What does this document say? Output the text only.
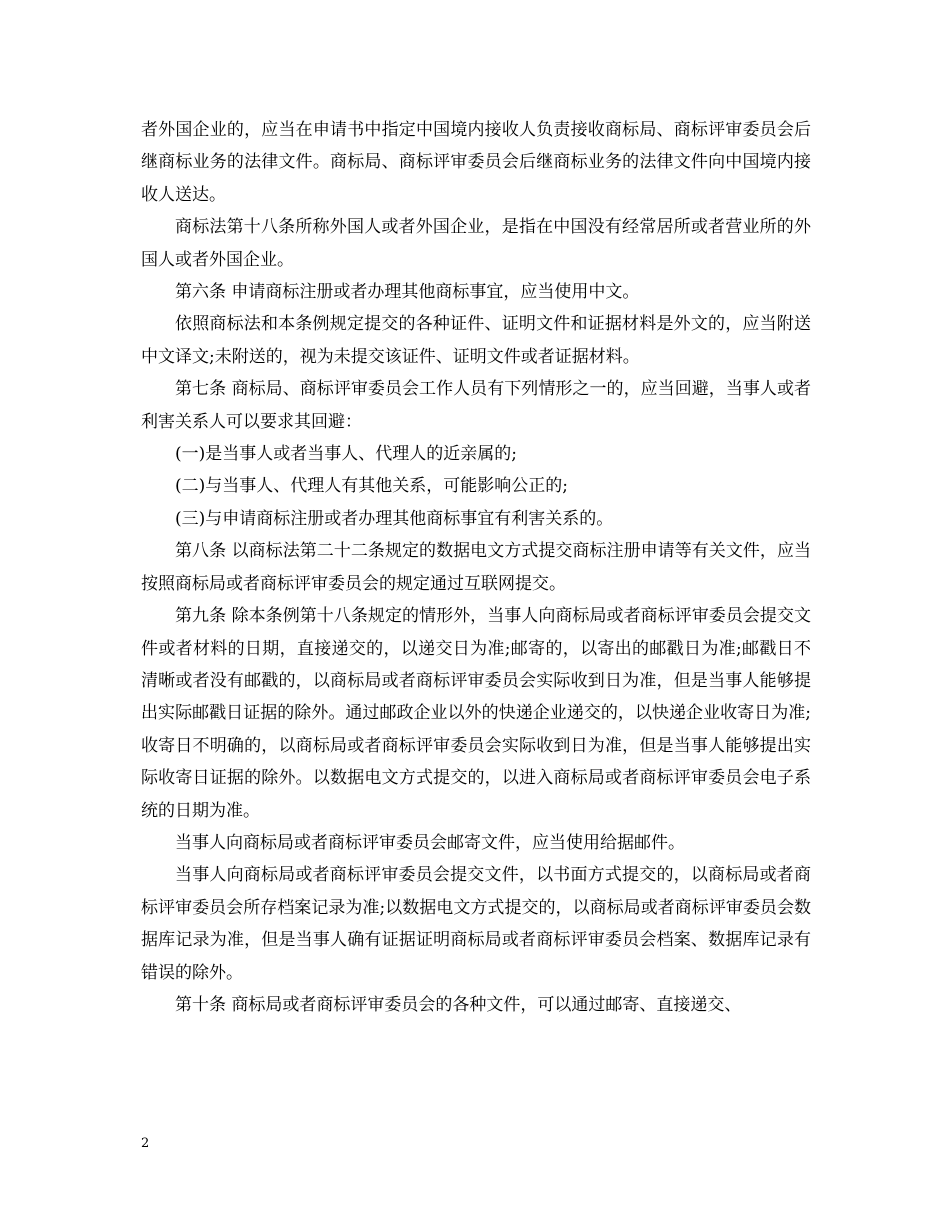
者外国企业的，应当在申请书中指定中国境内接收人负责接收商标局、商标评审委员会后继商标业务的法律文件。商标局、商标评审委员会后继商标业务的法律文件向中国境内接收人送达。

商标法第十八条所称外国人或者外国企业，是指在中国没有经常居所或者营业所的外国人或者外国企业。

第六条 申请商标注册或者办理其他商标事宜，应当使用中文。

依照商标法和本条例规定提交的各种证件、证明文件和证据材料是外文的，应当附送中文译文;未附送的，视为未提交该证件、证明文件或者证据材料。

第七条 商标局、商标评审委员会工作人员有下列情形之一的，应当回避，当事人或者利害关系人可以要求其回避：

(一)是当事人或者当事人、代理人的近亲属的;

(二)与当事人、代理人有其他关系，可能影响公正的;

(三)与申请商标注册或者办理其他商标事宜有利害关系的。

第八条 以商标法第二十二条规定的数据电文方式提交商标注册申请等有关文件，应当按照商标局或者商标评审委员会的规定通过互联网提交。

第九条 除本条例第十八条规定的情形外，当事人向商标局或者商标评审委员会提交文件或者材料的日期，直接递交的，以递交日为准;邮寄的，以寄出的邮戳日为准;邮戳日不清晰或者没有邮戳的，以商标局或者商标评审委员会实际收到日为准，但是当事人能够提出实际邮戳日证据的除外。通过邮政企业以外的快递企业递交的，以快递企业收寄日为准;收寄日不明确的，以商标局或者商标评审委员会实际收到日为准，但是当事人能够提出实际收寄日证据的除外。以数据电文方式提交的，以进入商标局或者商标评审委员会电子系统的日期为准。

当事人向商标局或者商标评审委员会邮寄文件，应当使用给据邮件。

当事人向商标局或者商标评审委员会提交文件，以书面方式提交的，以商标局或者商标评审委员会所存档案记录为准;以数据电文方式提交的，以商标局或者商标评审委员会数据库记录为准，但是当事人确有证据证明商标局或者商标评审委员会档案、数据库记录有错误的除外。

第十条 商标局或者商标评审委员会的各种文件，可以通过邮寄、直接递交、

2
